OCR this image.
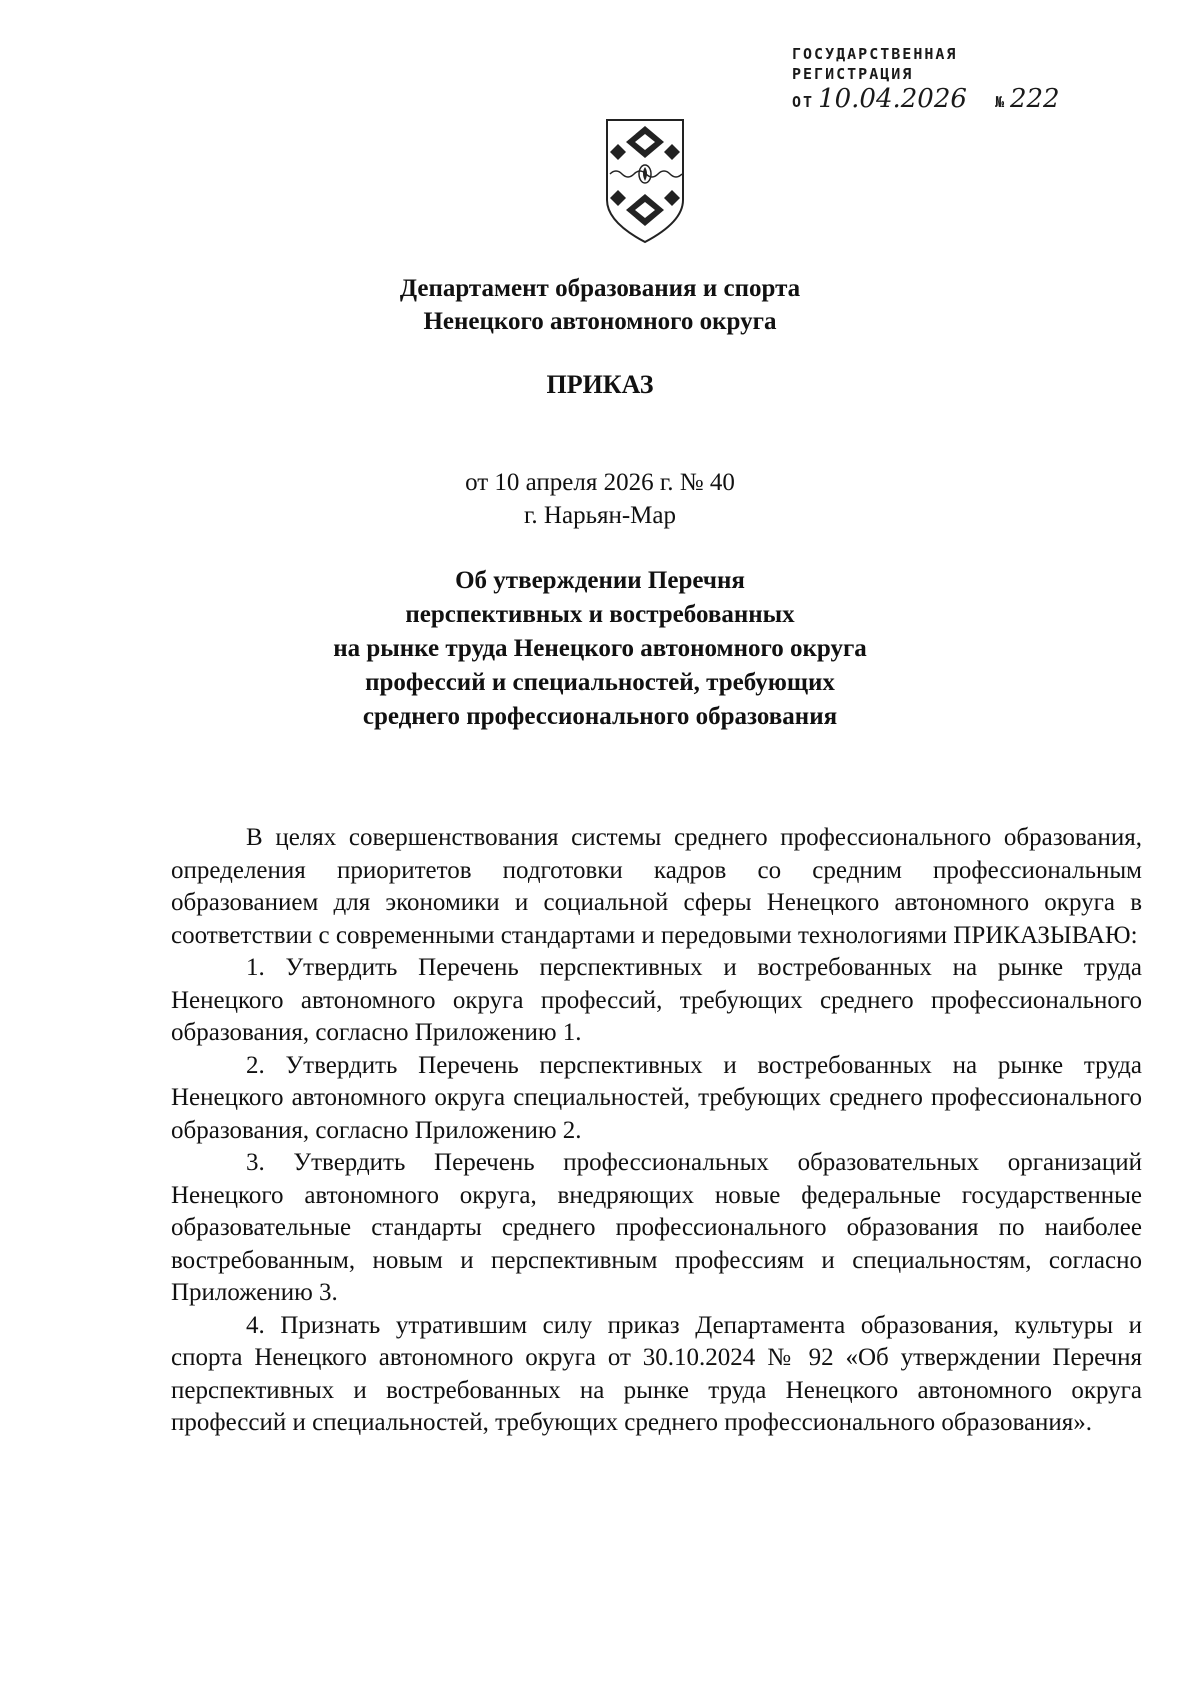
ГОСУДАРСТВЕННАЯ
РЕГИСТРАЦИЯ
ОТ 10.04.2026 № 222
Департамент образования и спорта
Ненецкого автономного округа
ПРИКАЗ
от 10 апреля 2026 г. № 40
г. Нарьян-Мар
Об утверждении Перечня
перспективных и востребованных
на рынке труда Ненецкого автономного округа
профессий и специальностей, требующих
среднего профессионального образования

В целях совершенствования системы среднего профессионального образования, определения приоритетов подготовки кадров со средним профессиональным образованием для экономики и социальной сферы Ненецкого автономного округа в соответствии с современными стандартами и передовыми технологиями ПРИКАЗЫВАЮ:

1. Утвердить Перечень перспективных и востребованных на рынке труда Ненецкого автономного округа профессий, требующих среднего профессионального образования, согласно Приложению 1.

2. Утвердить Перечень перспективных и востребованных на рынке труда Ненецкого автономного округа специальностей, требующих среднего профессионального образования, согласно Приложению 2.

3. Утвердить Перечень профессиональных образовательных организаций Ненецкого автономного округа, внедряющих новые федеральные государственные образовательные стандарты среднего профессионального образования по наиболее востребованным, новым и перспективным профессиям и специальностям, согласно Приложению 3.

4. Признать утратившим силу приказ Департамента образования, культуры и спорта Ненецкого автономного округа от 30.10.2024 № 92 «Об утверждении Перечня перспективных и востребованных на рынке труда Ненецкого автономного округа профессий и специальностей, требующих среднего профессионального образования».
